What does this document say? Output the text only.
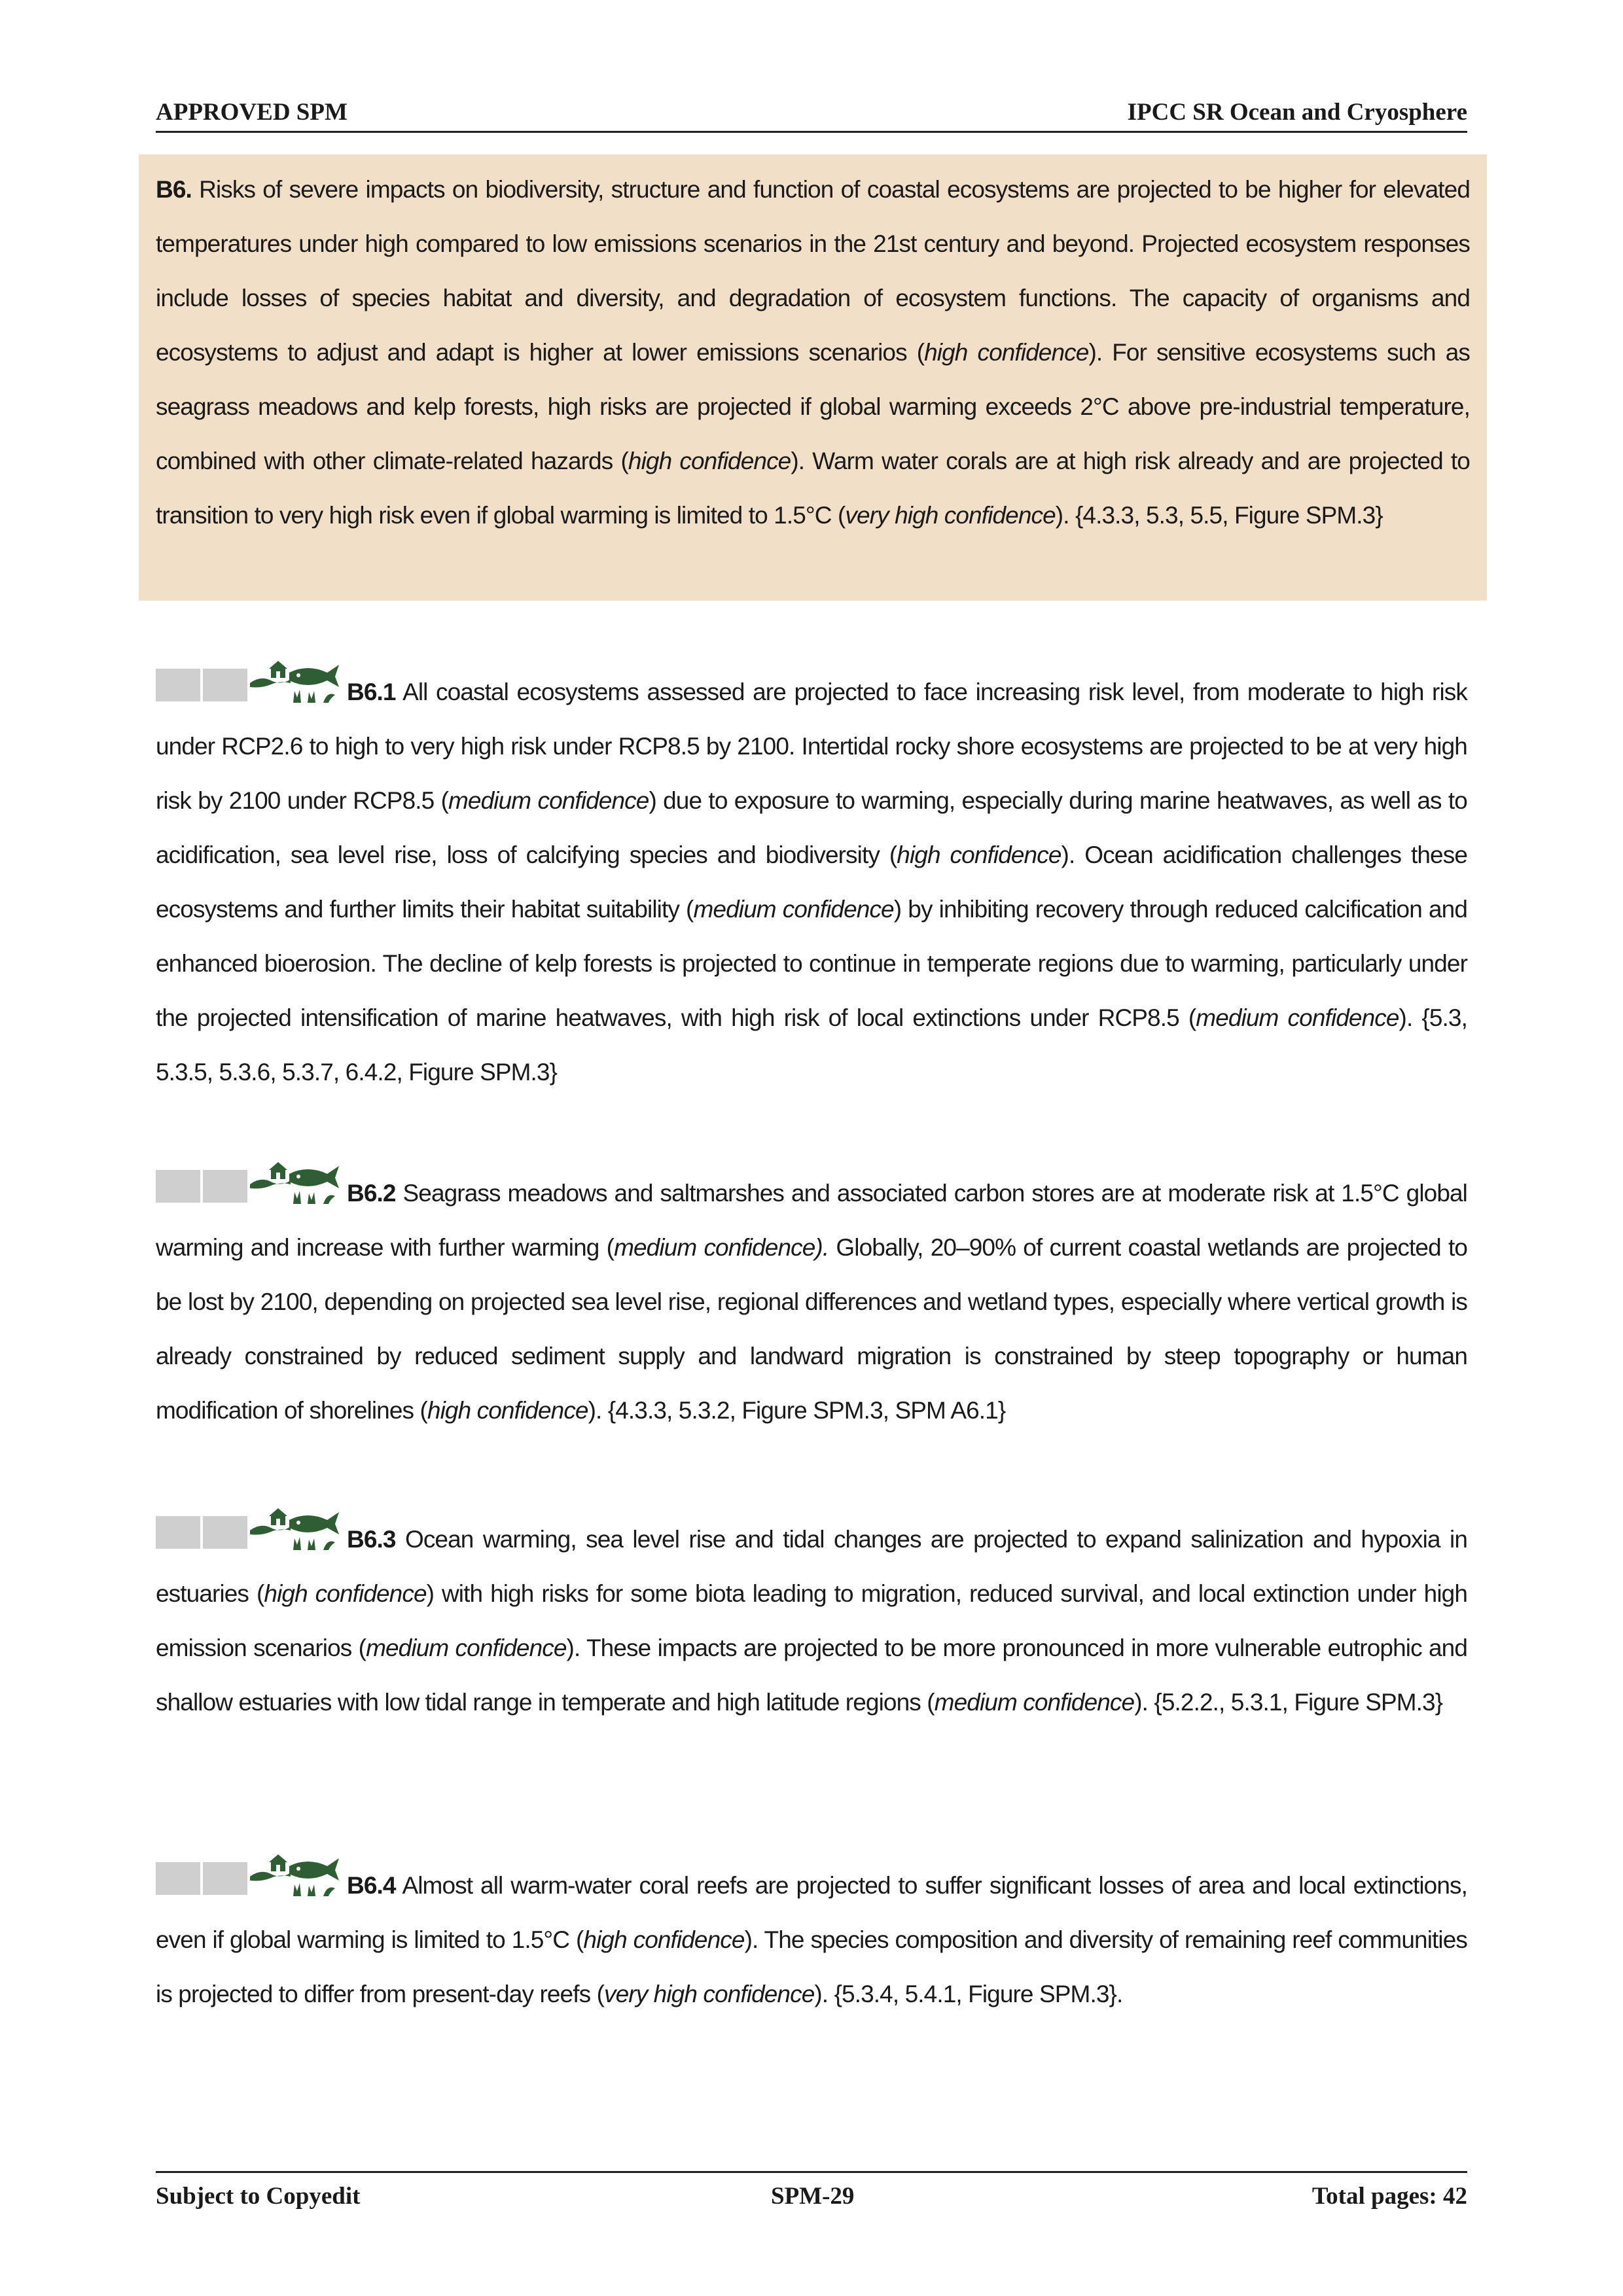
APPROVED SPM	IPCC SR Ocean and Cryosphere
B6. Risks of severe impacts on biodiversity, structure and function of coastal ecosystems are projected to be higher for elevated temperatures under high compared to low emissions scenarios in the 21st century and beyond. Projected ecosystem responses include losses of species habitat and diversity, and degradation of ecosystem functions. The capacity of organisms and ecosystems to adjust and adapt is higher at lower emissions scenarios (high confidence). For sensitive ecosystems such as seagrass meadows and kelp forests, high risks are projected if global warming exceeds 2°C above pre-industrial temperature, combined with other climate-related hazards (high confidence). Warm water corals are at high risk already and are projected to transition to very high risk even if global warming is limited to 1.5°C (very high confidence). {4.3.3, 5.3, 5.5, Figure SPM.3}
B6.1 All coastal ecosystems assessed are projected to face increasing risk level, from moderate to high risk under RCP2.6 to high to very high risk under RCP8.5 by 2100. Intertidal rocky shore ecosystems are projected to be at very high risk by 2100 under RCP8.5 (medium confidence) due to exposure to warming, especially during marine heatwaves, as well as to acidification, sea level rise, loss of calcifying species and biodiversity (high confidence). Ocean acidification challenges these ecosystems and further limits their habitat suitability (medium confidence) by inhibiting recovery through reduced calcification and enhanced bioerosion. The decline of kelp forests is projected to continue in temperate regions due to warming, particularly under the projected intensification of marine heatwaves, with high risk of local extinctions under RCP8.5 (medium confidence). {5.3, 5.3.5, 5.3.6, 5.3.7, 6.4.2, Figure SPM.3}
B6.2 Seagrass meadows and saltmarshes and associated carbon stores are at moderate risk at 1.5°C global warming and increase with further warming (medium confidence). Globally, 20–90% of current coastal wetlands are projected to be lost by 2100, depending on projected sea level rise, regional differences and wetland types, especially where vertical growth is already constrained by reduced sediment supply and landward migration is constrained by steep topography or human modification of shorelines (high confidence). {4.3.3, 5.3.2, Figure SPM.3, SPM A6.1}
B6.3 Ocean warming, sea level rise and tidal changes are projected to expand salinization and hypoxia in estuaries (high confidence) with high risks for some biota leading to migration, reduced survival, and local extinction under high emission scenarios (medium confidence). These impacts are projected to be more pronounced in more vulnerable eutrophic and shallow estuaries with low tidal range in temperate and high latitude regions (medium confidence). {5.2.2., 5.3.1, Figure SPM.3}
B6.4 Almost all warm-water coral reefs are projected to suffer significant losses of area and local extinctions, even if global warming is limited to 1.5°C (high confidence). The species composition and diversity of remaining reef communities is projected to differ from present-day reefs (very high confidence). {5.3.4, 5.4.1, Figure SPM.3}.
Subject to Copyedit	SPM-29	Total pages: 42
